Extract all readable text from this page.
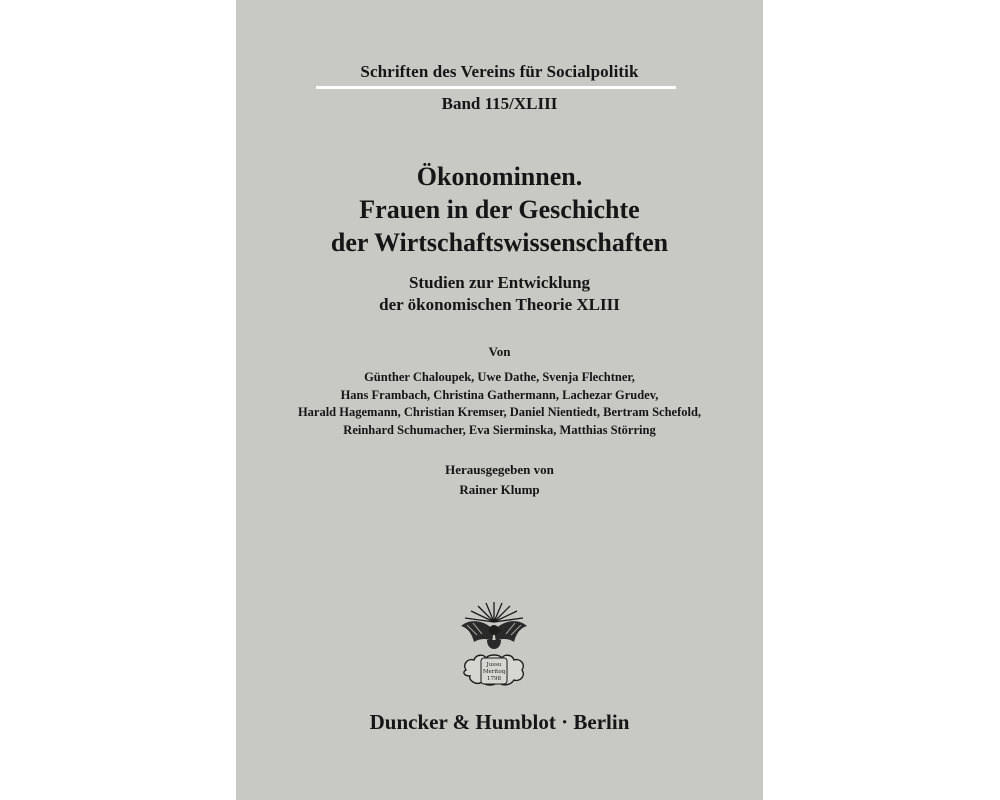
Schriften des Vereins für Socialpolitik
Band 115/XLIII
Ökonominnen.
Frauen in der Geschichte
der Wirtschaftswissenschaften
Studien zur Entwicklung
der ökonomischen Theorie XLIII
Von
Günther Chaloupek, Uwe Dathe, Svenja Flechtner,
Hans Frambach, Christina Gathermann, Lachezar Grudev,
Harald Hagemann, Christian Kremser, Daniel Nientiedt, Bertram Schefold,
Reinhard Schumacher, Eva Sierminska, Matthias Störring
Herausgegeben von
Rainer Klump
Jussu
Meritoq
1798
Duncker & Humblot · Berlin
